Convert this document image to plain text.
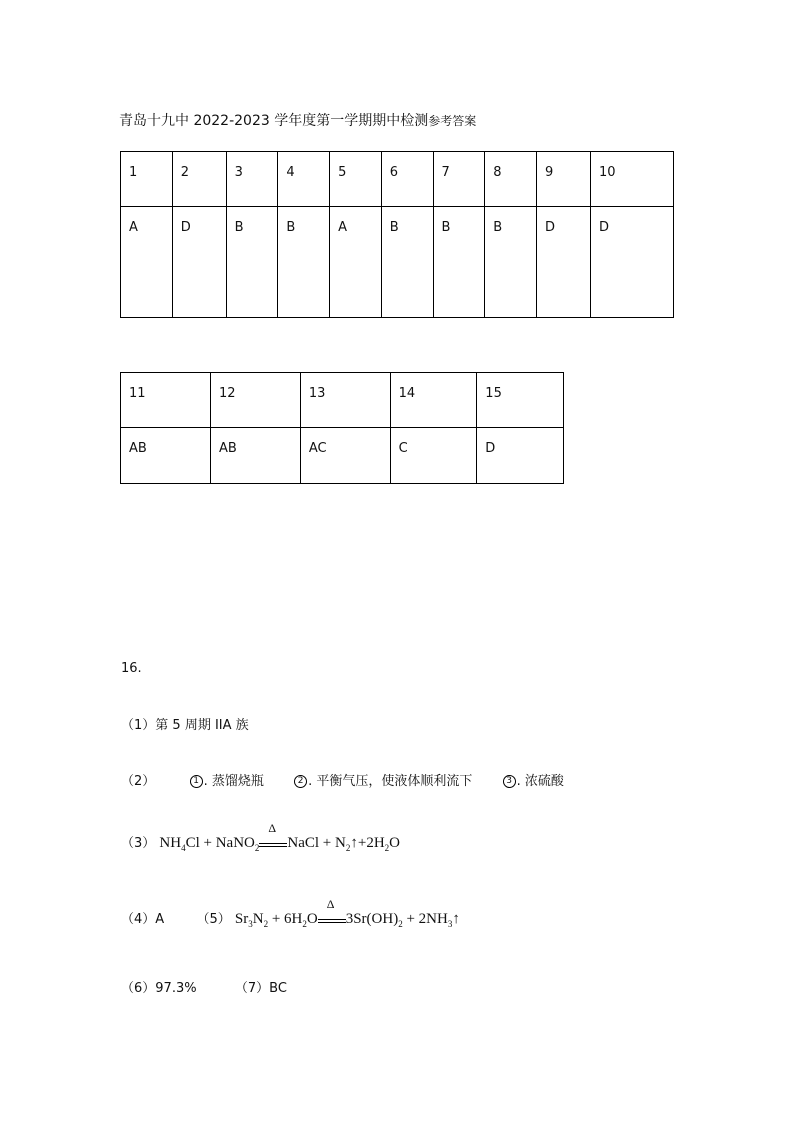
青岛十九中 2022-2023 学年度第一学期期中检测参考答案
1	2	3	4	5	6	7	8	9	10
A	D	B	B	A	B	B	B	D	D
11	12	13	14	15
AB	AB	AC	C	D
16.
（1）第 5 周期 IIA 族
（2）	1 . 蒸馏烧瓶	2 . 平衡气压，使液体顺利流下	3 . 浓硫酸
（3） $NH_4Cl$ + NaNO$_2$
Δ
NaCl + $N_2↑+2H_2O$
（4）A （5） $Sr_3N_2 + 6H_2O$
Δ
$3Sr(OH)_2$ + $2NH_3↑$
（6）97.3%	（7）BC
